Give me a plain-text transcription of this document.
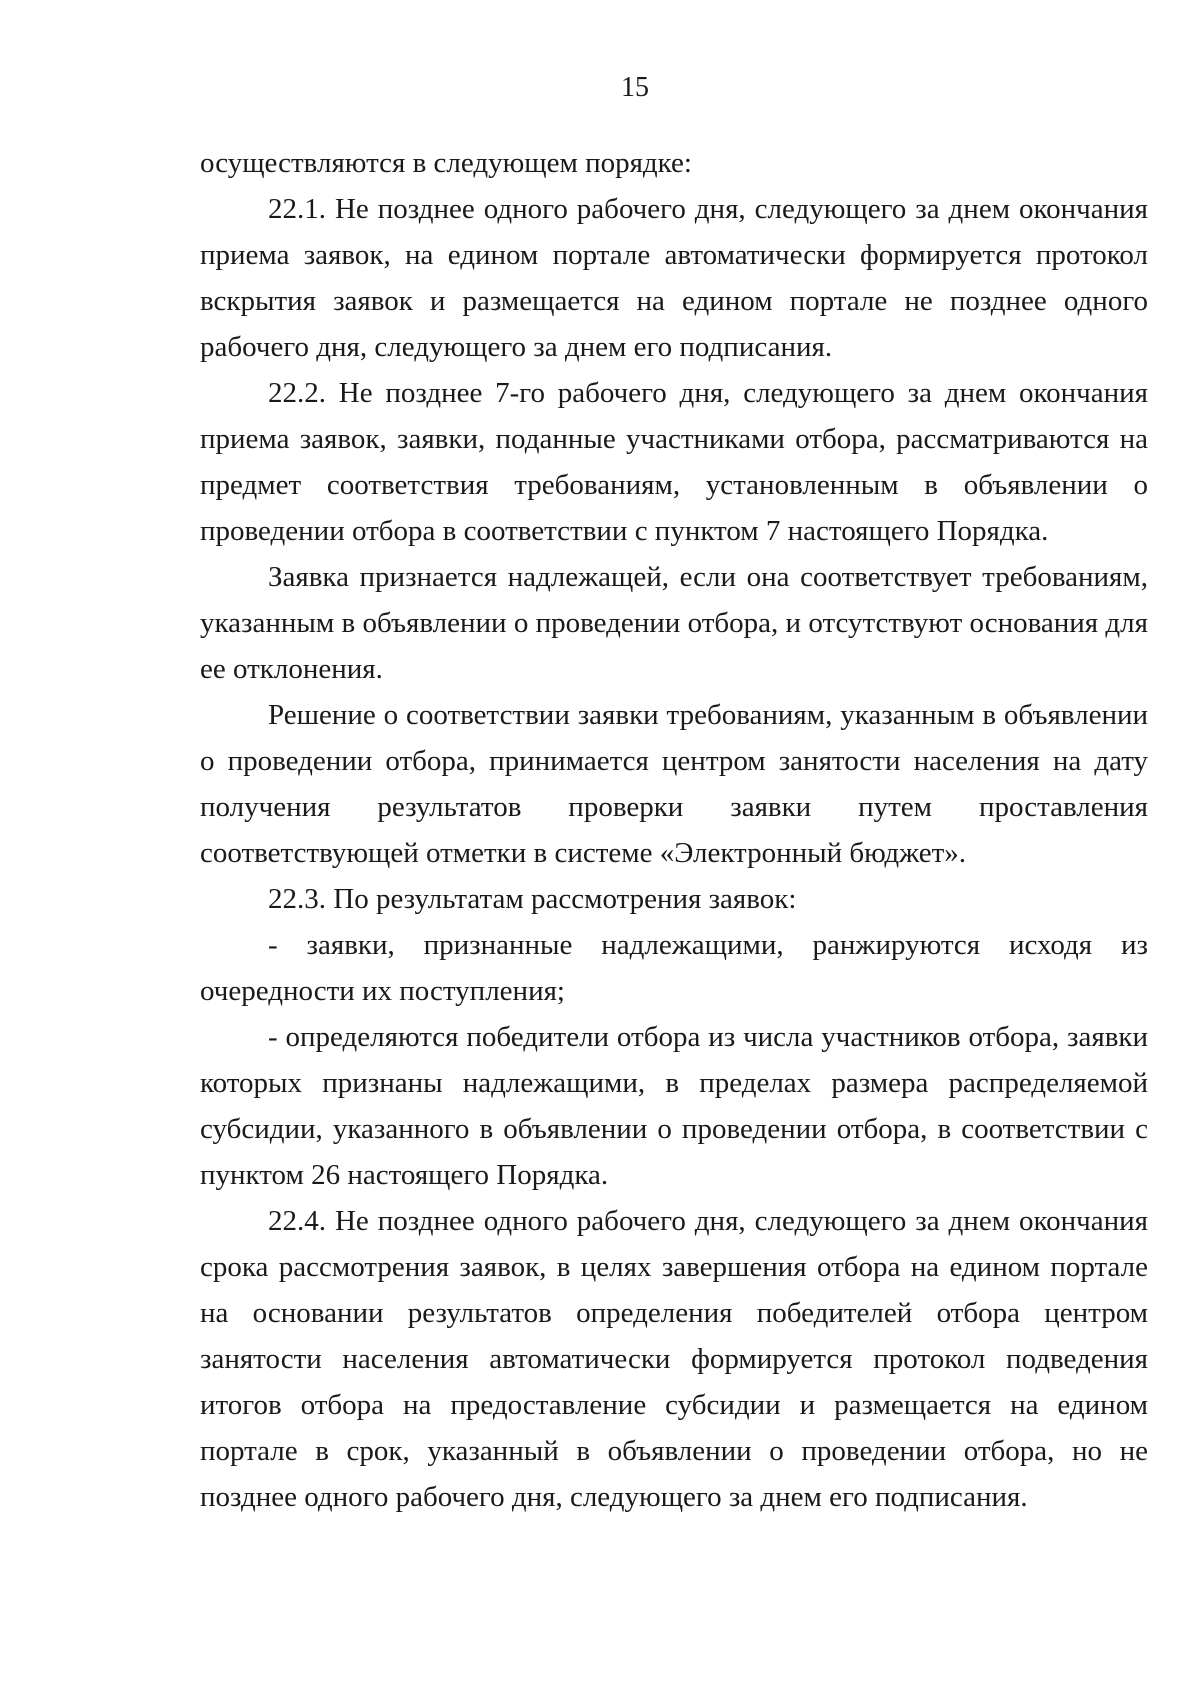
15

осуществляются в следующем порядке:

22.1. Не позднее одного рабочего дня, следующего за днем окончания приема заявок, на едином портале автоматически формируется протокол вскрытия заявок и размещается на едином портале не позднее одного рабочего дня, следующего за днем его подписания.

22.2. Не позднее 7-го рабочего дня, следующего за днем окончания приема заявок, заявки, поданные участниками отбора, рассматриваются на предмет соответствия требованиям, установленным в объявлении о проведении отбора в соответствии с пунктом 7 настоящего Порядка.

Заявка признается надлежащей, если она соответствует требованиям, указанным в объявлении о проведении отбора, и отсутствуют основания для ее отклонения.

Решение о соответствии заявки требованиям, указанным в объявлении о проведении отбора, принимается центром занятости населения на дату получения результатов проверки заявки путем проставления соответствующей отметки в системе «Электронный бюджет».

22.3. По результатам рассмотрения заявок:

- заявки, признанные надлежащими, ранжируются исходя из очередности их поступления;

- определяются победители отбора из числа участников отбора, заявки которых признаны надлежащими, в пределах размера распределяемой субсидии, указанного в объявлении о проведении отбора, в соответствии с пунктом 26 настоящего Порядка.

22.4. Не позднее одного рабочего дня, следующего за днем окончания срока рассмотрения заявок, в целях завершения отбора на едином портале на основании результатов определения победителей отбора центром занятости населения автоматически формируется протокол подведения итогов отбора на предоставление субсидии и размещается на едином портале в срок, указанный в объявлении о проведении отбора, но не позднее одного рабочего дня, следующего за днем его подписания.
